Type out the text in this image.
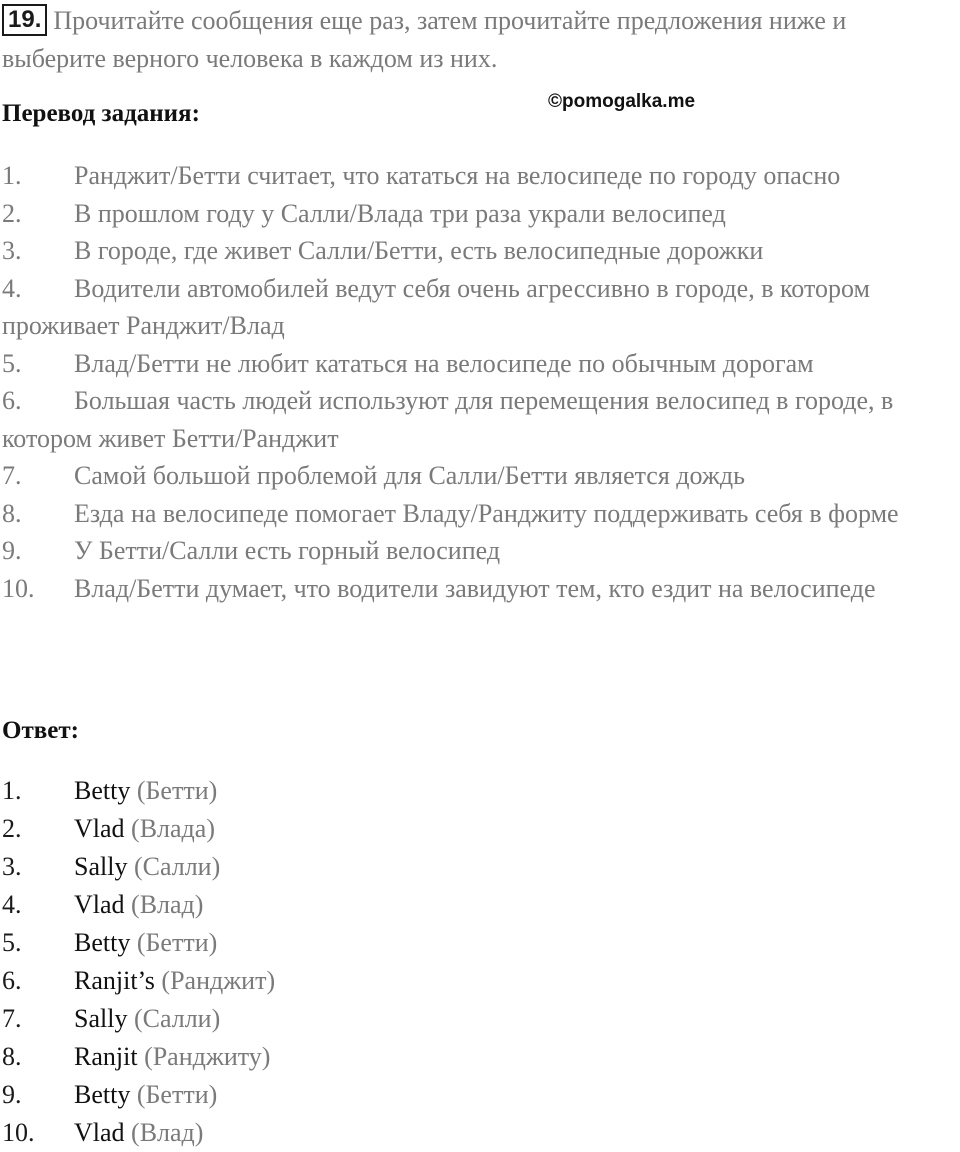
19. Прочитайте сообщения еще раз, затем прочитайте предложения ниже и выберите верного человека в каждом из них.
©pomogalka.me
Перевод задания:
1. Ранджит/Бетти считает, что кататься на велосипеде по городу опасно
2. В прошлом году у Салли/Влада три раза украли велосипед
3. В городе, где живет Салли/Бетти, есть велосипедные дорожки
4. Водители автомобилей ведут себя очень агрессивно в городе, в котором проживает Ранджит/Влад
5. Влад/Бетти не любит кататься на велосипеде по обычным дорогам
6. Большая часть людей используют для перемещения велосипед в городе, в котором живет Бетти/Ранджит
7. Самой большой проблемой для Салли/Бетти является дождь
8. Езда на велосипеде помогает Владу/Ранджиту поддерживать себя в форме
9. У Бетти/Салли есть горный велосипед
10. Влад/Бетти думает, что водители завидуют тем, кто ездит на велосипеде
Ответ:
1. Betty (Бетти)
2. Vlad (Влада)
3. Sally (Салли)
4. Vlad (Влад)
5. Betty (Бетти)
6. Ranjit’s (Ранджит)
7. Sally (Салли)
8. Ranjit (Ранджиту)
9. Betty (Бетти)
10. Vlad (Влад)
